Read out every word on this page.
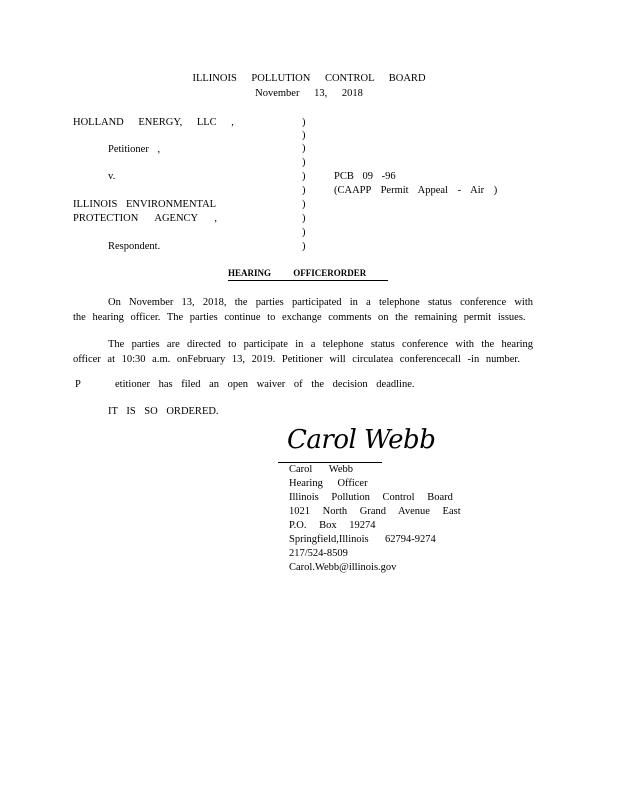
ILLINOIS POLLUTION CONTROL BOARD
November 13, 2018
HOLLAND ENERGY, LLC ,
Petitioner ,
v.
ILLINOIS ENVIRONMENTAL
PROTECTION AGENCY ,
Respondent.
)
)
)
)
)
)
)
)
)
)
PCB 09 -96
(CAAPP Permit Appeal - Air )
HEARING OFFICERORDER
On November 13, 2018, the parties participated in a telephone status conference with the hearing officer. The parties continue to exchange comments on the remaining permit issues.
The parties are directed to participate in a telephone status conference with the hearing officer at 10:30 a.m. onFebruary 13, 2019. Petitioner will circulatea conferencecall -in number.
P	etitioner has filed an open waiver of the decision deadline.
IT IS SO ORDERED.
Carol Webb
Carol Webb
Hearing Officer
Illinois Pollution Control Board
1021 North Grand Avenue East
P.O. Box 19274
Springfield,Illinois 62794-9274
217/524-8509
Carol.Webb@illinois.gov
